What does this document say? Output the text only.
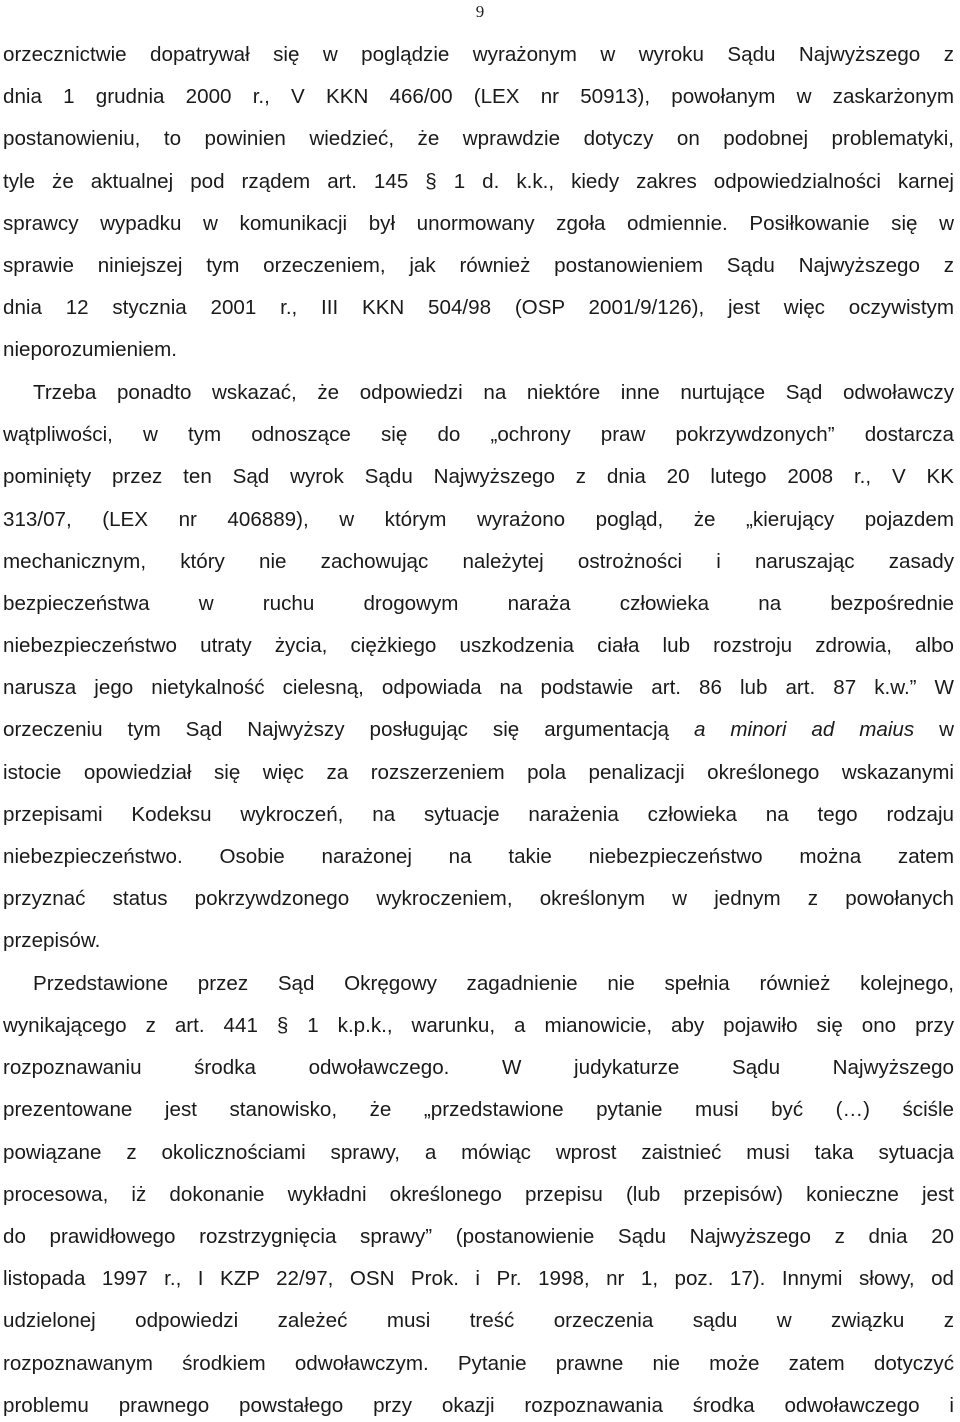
9
orzecznictwie dopatrywał się w poglądzie wyrażonym w wyroku Sądu Najwyższego z
dnia 1 grudnia 2000 r., V KKN 466/00 (LEX nr 50913), powołanym w zaskarżonym
postanowieniu, to powinien wiedzieć, że wprawdzie dotyczy on podobnej problematyki,
tyle że aktualnej pod rządem art. 145 § 1 d. k.k., kiedy zakres odpowiedzialności karnej
sprawcy wypadku w komunikacji był unormowany zgoła odmiennie. Posiłkowanie się w
sprawie niniejszej tym orzeczeniem, jak również postanowieniem Sądu Najwyższego z
dnia 12 stycznia 2001 r., III KKN 504/98 (OSP 2001/9/126), jest więc oczywistym
nieporozumieniem.
Trzeba ponadto wskazać, że odpowiedzi na niektóre inne nurtujące Sąd odwoławczy
wątpliwości, w tym odnoszące się do „ochrony praw pokrzywdzonych” dostarcza
pominięty przez ten Sąd wyrok Sądu Najwyższego z dnia 20 lutego 2008 r., V KK
313/07, (LEX nr 406889), w którym wyrażono pogląd, że „kierujący pojazdem
mechanicznym, który nie zachowując należytej ostrożności i naruszając zasady
bezpieczeństwa w ruchu drogowym naraża człowieka na bezpośrednie
niebezpieczeństwo utraty życia, ciężkiego uszkodzenia ciała lub rozstroju zdrowia, albo
narusza jego nietykalność cielesną, odpowiada na podstawie art. 86 lub art. 87 k.w.” W
orzeczeniu tym Sąd Najwyższy posługując się argumentacją a minori ad maius w
istocie opowiedział się więc za rozszerzeniem pola penalizacji określonego wskazanymi
przepisami Kodeksu wykroczeń, na sytuacje narażenia człowieka na tego rodzaju
niebezpieczeństwo. Osobie narażonej na takie niebezpieczeństwo można zatem
przyznać status pokrzywdzonego wykroczeniem, określonym w jednym z powołanych
przepisów.
Przedstawione przez Sąd Okręgowy zagadnienie nie spełnia również kolejnego,
wynikającego z art. 441 § 1 k.p.k., warunku, a mianowicie, aby pojawiło się ono przy
rozpoznawaniu środka odwoławczego. W judykaturze Sądu Najwyższego
prezentowane jest stanowisko, że „przedstawione pytanie musi być (…) ściśle
powiązane z okolicznościami sprawy, a mówiąc wprost zaistnieć musi taka sytuacja
procesowa, iż dokonanie wykładni określonego przepisu (lub przepisów) konieczne jest
do prawidłowego rozstrzygnięcia sprawy” (postanowienie Sądu Najwyższego z dnia 20
listopada 1997 r., I KZP 22/97, OSN Prok. i Pr. 1998, nr 1, poz. 17). Innymi słowy, od
udzielonej odpowiedzi zależeć musi treść orzeczenia sądu w związku z
rozpoznawanym środkiem odwoławczym. Pytanie prawne nie może zatem dotyczyć
problemu prawnego powstałego przy okazji rozpoznawania środka odwoławczego i
